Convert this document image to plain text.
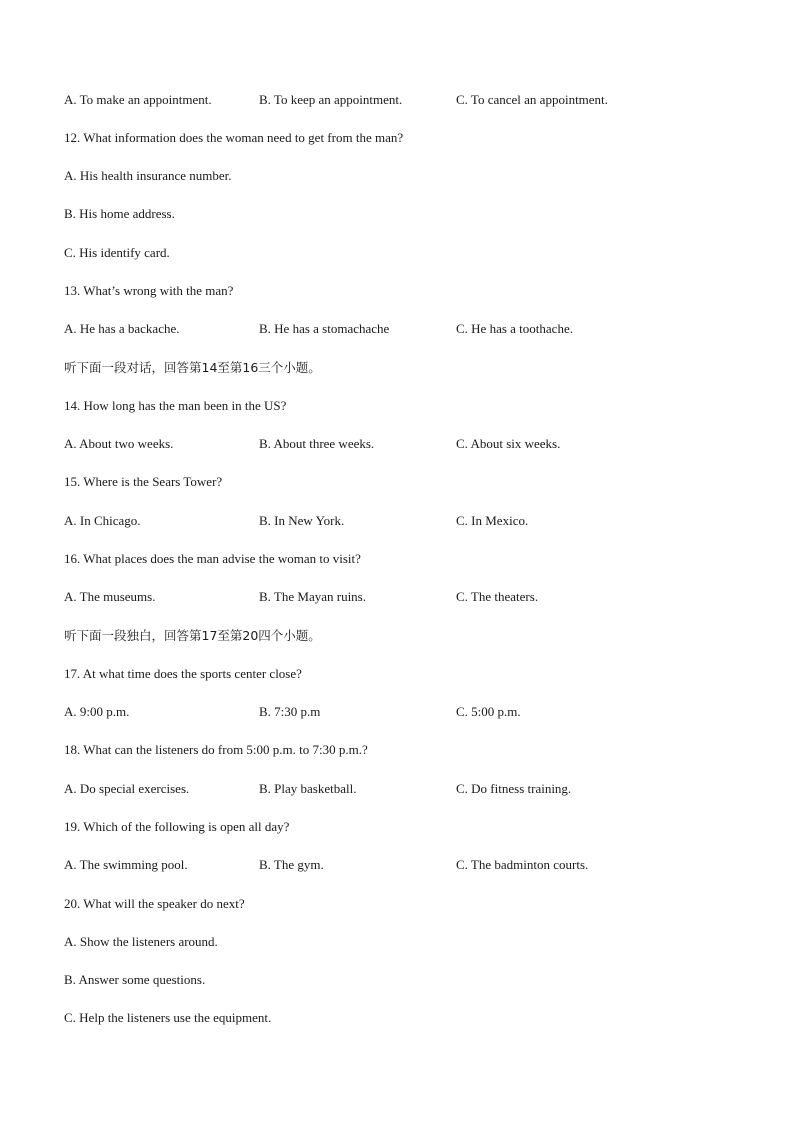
A. To make an appointment.	B. To keep an appointment.	C. To cancel an appointment.
12. What information does the woman need to get from the man?
A. His health insurance number.
B. His home address.
C. His identify card.
13. What’s wrong with the man?
A. He has a backache.	B. He has a stomachache	C. He has a toothache.
听下面一段对话，回答第14至第16三个小题。
14. How long has the man been in the US?
A. About two weeks.	B. About three weeks.	C. About six weeks.
15. Where is the Sears Tower?
A. In Chicago.	B. In New York.	C. In Mexico.
16. What places does the man advise the woman to visit?
A. The museums.	B. The Mayan ruins.	C. The theaters.
听下面一段独白，回答第17至第20四个小题。
17. At what time does the sports center close?
A. 9:00 p.m.	B. 7:30 p.m	C. 5:00 p.m.
18. What can the listeners do from 5:00 p.m. to 7:30 p.m.?
A. Do special exercises.	B. Play basketball.	C. Do fitness training.
19. Which of the following is open all day?
A. The swimming pool.	B. The gym.	C. The badminton courts.
20. What will the speaker do next?
A. Show the listeners around.
B. Answer some questions.
C. Help the listeners use the equipment.
